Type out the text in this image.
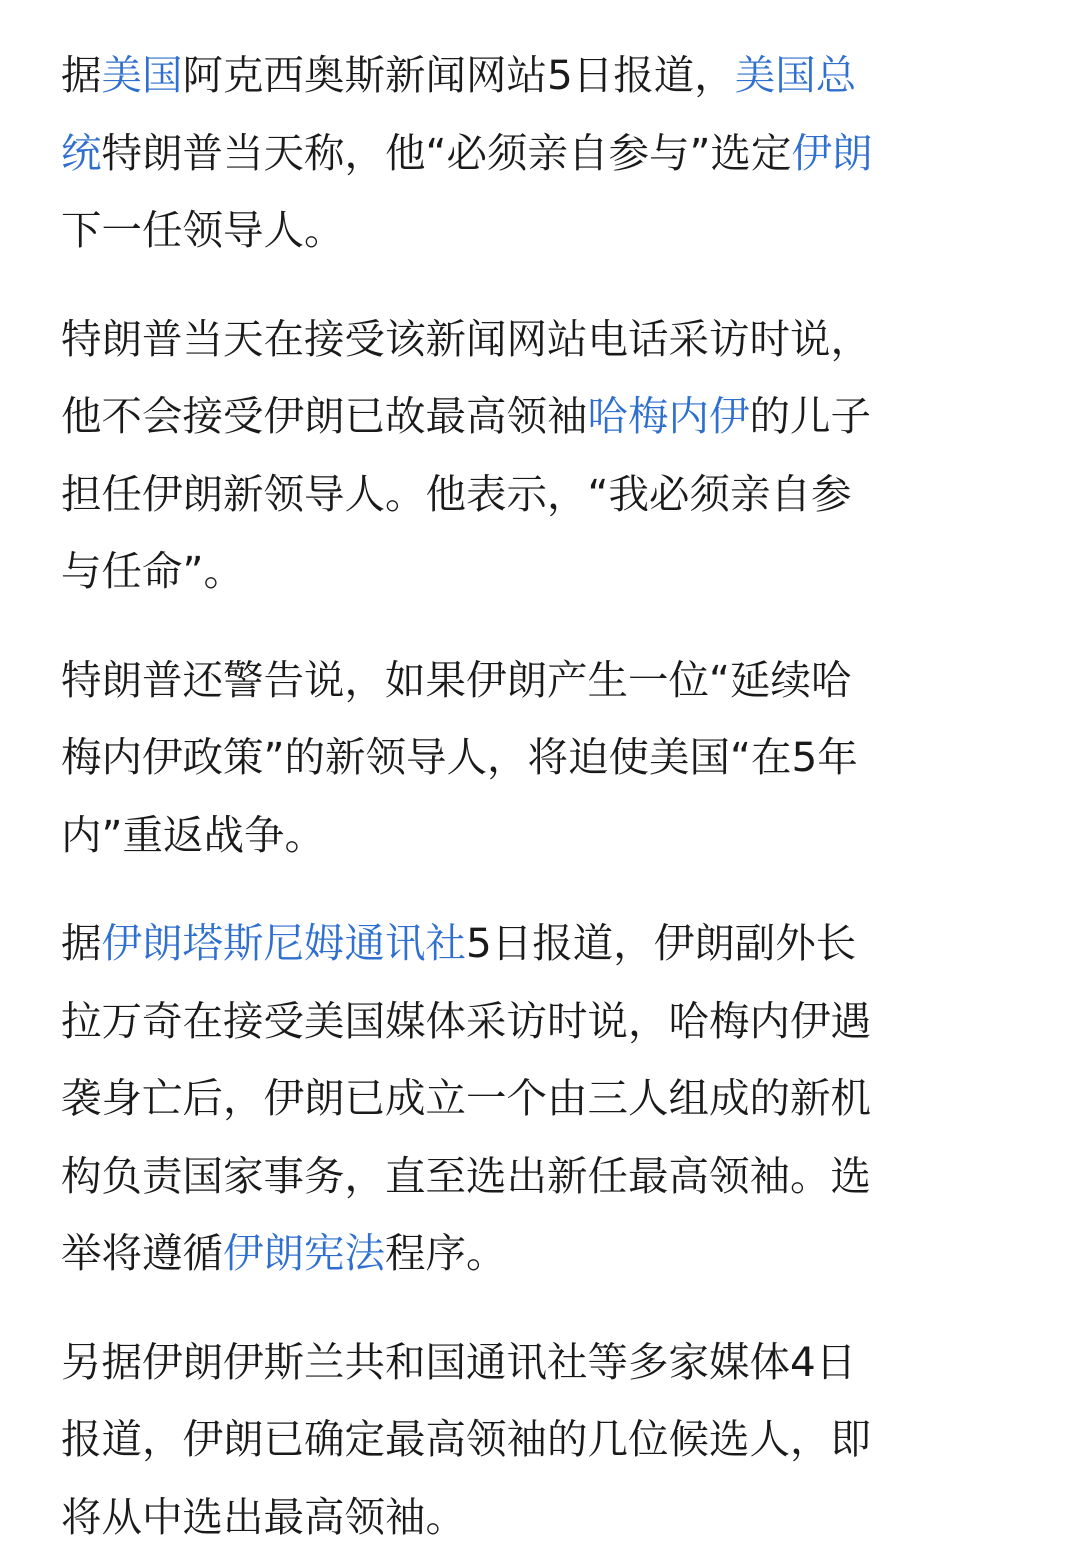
据美国阿克西奥斯新闻网站5日报道，美国总
统特朗普当天称，他“必须亲自参与”选定伊朗
下一任领导人。
特朗普当天在接受该新闻网站电话采访时说，
他不会接受伊朗已故最高领袖哈梅内伊的儿子
担任伊朗新领导人。他表示，“我必须亲自参
与任命”。
特朗普还警告说，如果伊朗产生一位“延续哈
梅内伊政策”的新领导人，将迫使美国“在5年
内”重返战争。
据伊朗塔斯尼姆通讯社5日报道，伊朗副外长
拉万奇在接受美国媒体采访时说，哈梅内伊遇
袭身亡后，伊朗已成立一个由三人组成的新机
构负责国家事务，直至选出新任最高领袖。选
举将遵循伊朗宪法程序。
另据伊朗伊斯兰共和国通讯社等多家媒体4日
报道，伊朗已确定最高领袖的几位候选人，即
将从中选出最高领袖。
